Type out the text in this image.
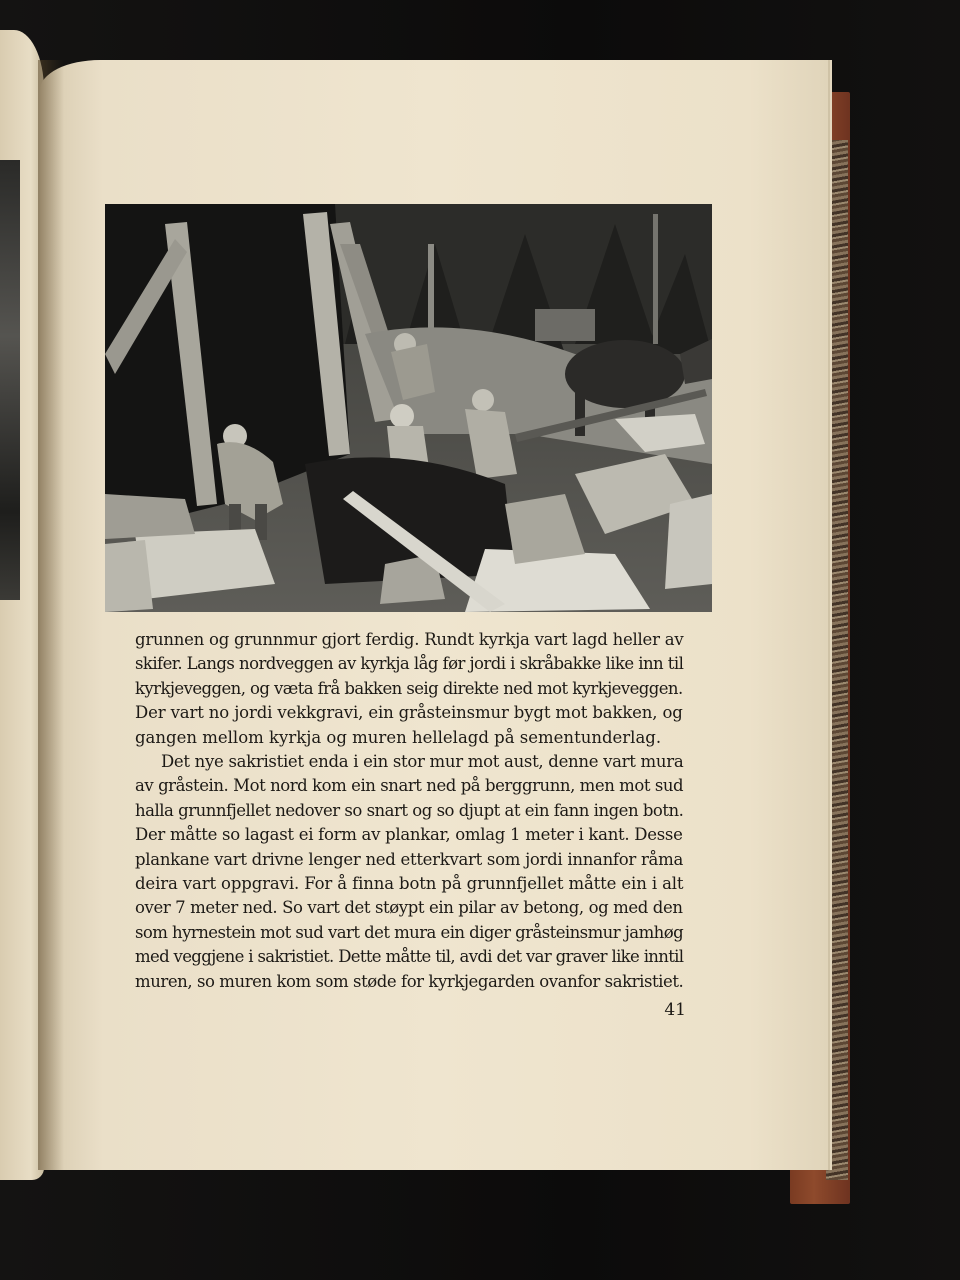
grunnen og grunnmur gjort ferdig. Rundt kyrkja vart lagd heller av
skifer. Langs nordveggen av kyrkja låg før jordi i skråbakke like inn til
kyrkjeveggen, og væta frå bakken seig direkte ned mot kyrkjeveggen.
Der vart no jordi vekkgravi, ein gråsteinsmur bygt mot bakken, og
gangen mellom kyrkja og muren hellelagd på sementunderlag.

Det nye sakristiet enda i ein stor mur mot aust, denne vart mura
av gråstein. Mot nord kom ein snart ned på berggrunn, men mot sud
halla grunnfjellet nedover so snart og so djupt at ein fann ingen botn.
Der måtte so lagast ei form av plankar, omlag 1 meter i kant. Desse
plankane vart drivne lenger ned etterkvart som jordi innanfor råma
deira vart oppgravi. For å finna botn på grunnfjellet måtte ein i alt
over 7 meter ned. So vart det støypt ein pilar av betong, og med den
som hyrnestein mot sud vart det mura ein diger gråsteinsmur jamhøg
med veggjene i sakristiet. Dette måtte til, avdi det var graver like inntil
muren, so muren kom som støde for kyrkjegarden ovanfor sakristiet.

41
